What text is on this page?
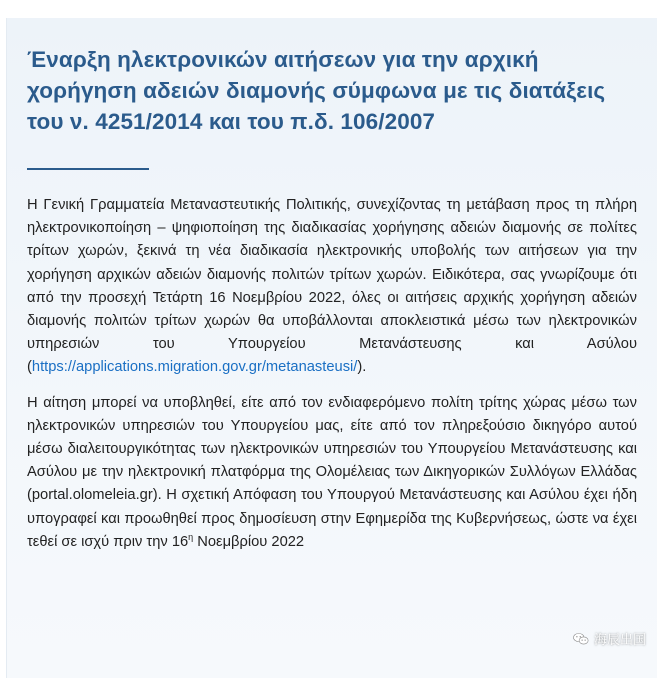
Έναρξη ηλεκτρονικών αιτήσεων για την αρχική χορήγηση αδειών διαμονής σύμφωνα με τις διατάξεις του ν. 4251/2014 και του π.δ. 106/2007

Η Γενική Γραμματεία Μεταναστευτικής Πολιτικής, συνεχίζοντας τη μετάβαση προς τη πλήρη ηλεκτρονικοποίηση – ψηφιοποίηση της διαδικασίας χορήγησης αδειών διαμονής σε πολίτες τρίτων χωρών, ξεκινά τη νέα διαδικασία ηλεκτρονικής υποβολής των αιτήσεων για την χορήγηση αρχικών αδειών διαμονής πολιτών τρίτων χωρών. Ειδικότερα, σας γνωρίζουμε ότι από την προσεχή Τετάρτη 16 Νοεμβρίου 2022, όλες οι αιτήσεις αρχικής χορήγηση αδειών διαμονής πολιτών τρίτων χωρών θα υποβάλλονται αποκλειστικά μέσω των ηλεκτρονικών υπηρεσιών του Υπουργείου Μετανάστευσης και Ασύλου (https://applications.migration.gov.gr/metanasteusi/).

Η αίτηση μπορεί να υποβληθεί, είτε από τον ενδιαφερόμενο πολίτη τρίτης χώρας μέσω των ηλεκτρονικών υπηρεσιών του Υπουργείου μας, είτε από τον πληρεξούσιο δικηγόρο αυτού μέσω διαλειτουργικότητας των ηλεκτρονικών υπηρεσιών του Υπουργείου Μετανάστευσης και Ασύλου με την ηλεκτρονική πλατφόρμα της Ολομέλειας των Δικηγορικών Συλλόγων Ελλάδας (portal.olomeleia.gr). Η σχετική Απόφαση του Υπουργού Μετανάστευσης και Ασύλου έχει ήδη υπογραφεί και προωθηθεί προς δημοσίευση στην Εφημερίδα της Κυβερνήσεως, ώστε να έχει τεθεί σε ισχύ πριν την $16^\eta$ Νοεμβρίου 2022

海辰出国
